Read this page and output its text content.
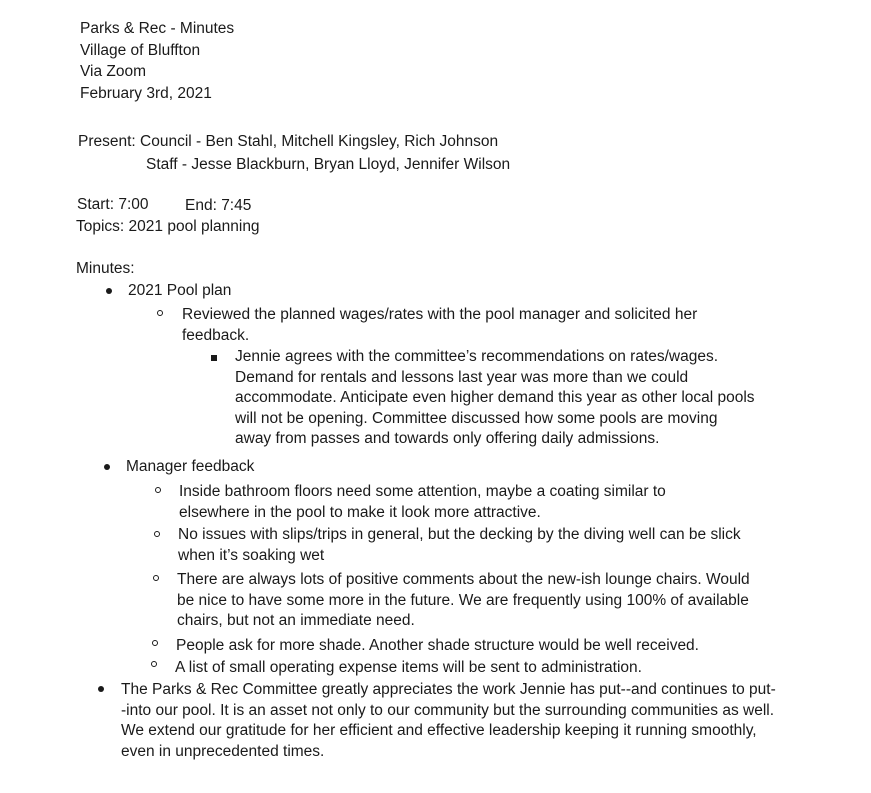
Parks & Rec - Minutes
Village of Bluffton
Via Zoom
February 3rd, 2021
Present: Council - Ben Stahl, Mitchell Kingsley, Rich Johnson
Staff - Jesse Blackburn, Bryan Lloyd, Jennifer Wilson
Start: 7:00 End: 7:45
Topics: 2021 pool planning
Minutes:
2021 Pool plan
Reviewed the planned wages/rates with the pool manager and solicited her feedback.
Jennie agrees with the committee’s recommendations on rates/wages. Demand for rentals and lessons last year was more than we could accommodate. Anticipate even higher demand this year as other local pools will not be opening. Committee discussed how some pools are moving away from passes and towards only offering daily admissions.
Manager feedback
Inside bathroom floors need some attention, maybe a coating similar to elsewhere in the pool to make it look more attractive.
No issues with slips/trips in general, but the decking by the diving well can be slick when it’s soaking wet
There are always lots of positive comments about the new-ish lounge chairs. Would be nice to have some more in the future. We are frequently using 100% of available chairs, but not an immediate need.
People ask for more shade. Another shade structure would be well received.
A list of small operating expense items will be sent to administration.
The Parks & Rec Committee greatly appreciates the work Jennie has put--and continues to put--into our pool. It is an asset not only to our community but the surrounding communities as well. We extend our gratitude for her efficient and effective leadership keeping it running smoothly, even in unprecedented times.
